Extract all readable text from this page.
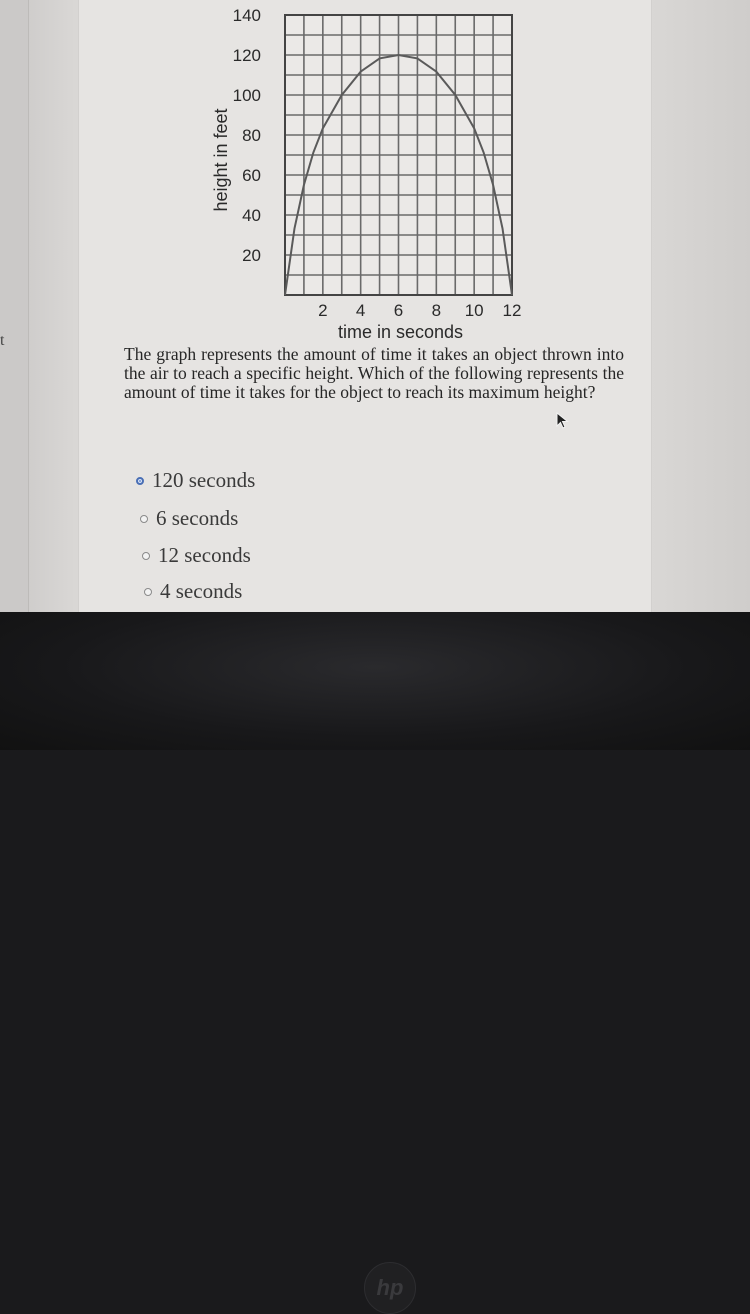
t
20
40
60
80
100
120
140
2 4 6 8 10 12
time in seconds
height in feet

The graph represents the amount of time it takes an object thrown into the air to reach a specific height. Which of the following represents the amount of time it takes for the object to reach its maximum height?

120 seconds
6 seconds
12 seconds
4 seconds
hp
